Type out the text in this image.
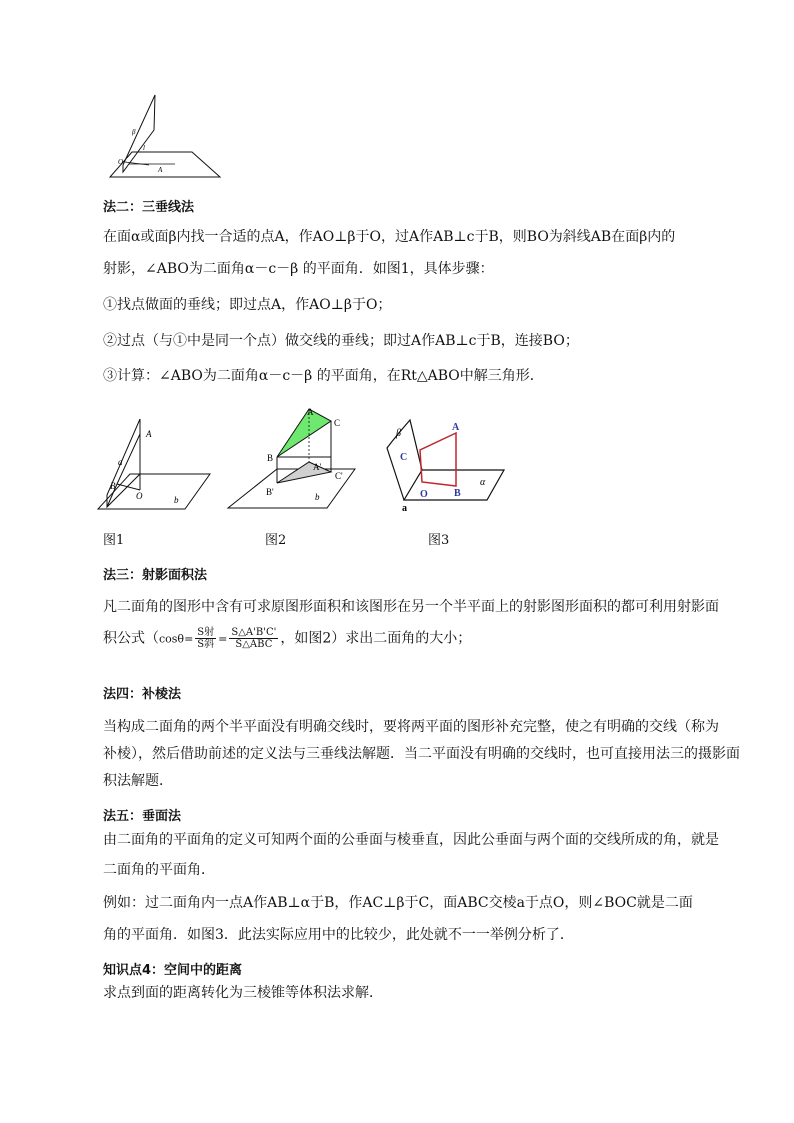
β
l
O
A
法二：三垂线法
在面α或面β内找一合适的点A，作AO⊥β于O，过A作AB⊥c于B，则BO为斜线AB在面β内的
射影，∠ABO为二面角α－c－β 的平面角．如图1，具体步骤：
①找点做面的垂线；即过点A，作AO⊥β于O；
②过点（与①中是同一个点）做交线的垂线；即过A作AB⊥c于B，连接BO；
③计算：∠ABO为二面角α－c－β 的平面角，在Rt△ABO中解三角形．
A
a
B
O	b
A
C
B
A'
C'
B'	b
β
A
C
O	B
α
a
图1	图2	图3
法三：射影面积法
凡二面角的图形中含有可求原图形面积和该图形在另一个半平面上的射影图形面积的都可利用射影面
积公式（$\cos\theta= \frac{\text{S射}}{\text{S斜}} = \frac{S\triangle A'B'C'}{\text{S△ABC}}$ ，如图2）求出二面角的大小；
法四：补棱法
当构成二面角的两个半平面没有明确交线时，要将两平面的图形补充完整，使之有明确的交线（称为
补棱），然后借助前述的定义法与三垂线法解题．当二平面没有明确的交线时，也可直接用法三的摄影面
积法解题．
法五：垂面法
由二面角的平面角的定义可知两个面的公垂面与棱垂直，因此公垂面与两个面的交线所成的角，就是
二面角的平面角．
例如：过二面角内一点A作AB⊥α于B，作AC⊥β于C，面ABC交棱a于点O，则∠BOC就是二面
角的平面角．如图3．此法实际应用中的比较少，此处就不一一举例分析了．
知识点4：空间中的距离
求点到面的距离转化为三棱锥等体积法求解．
